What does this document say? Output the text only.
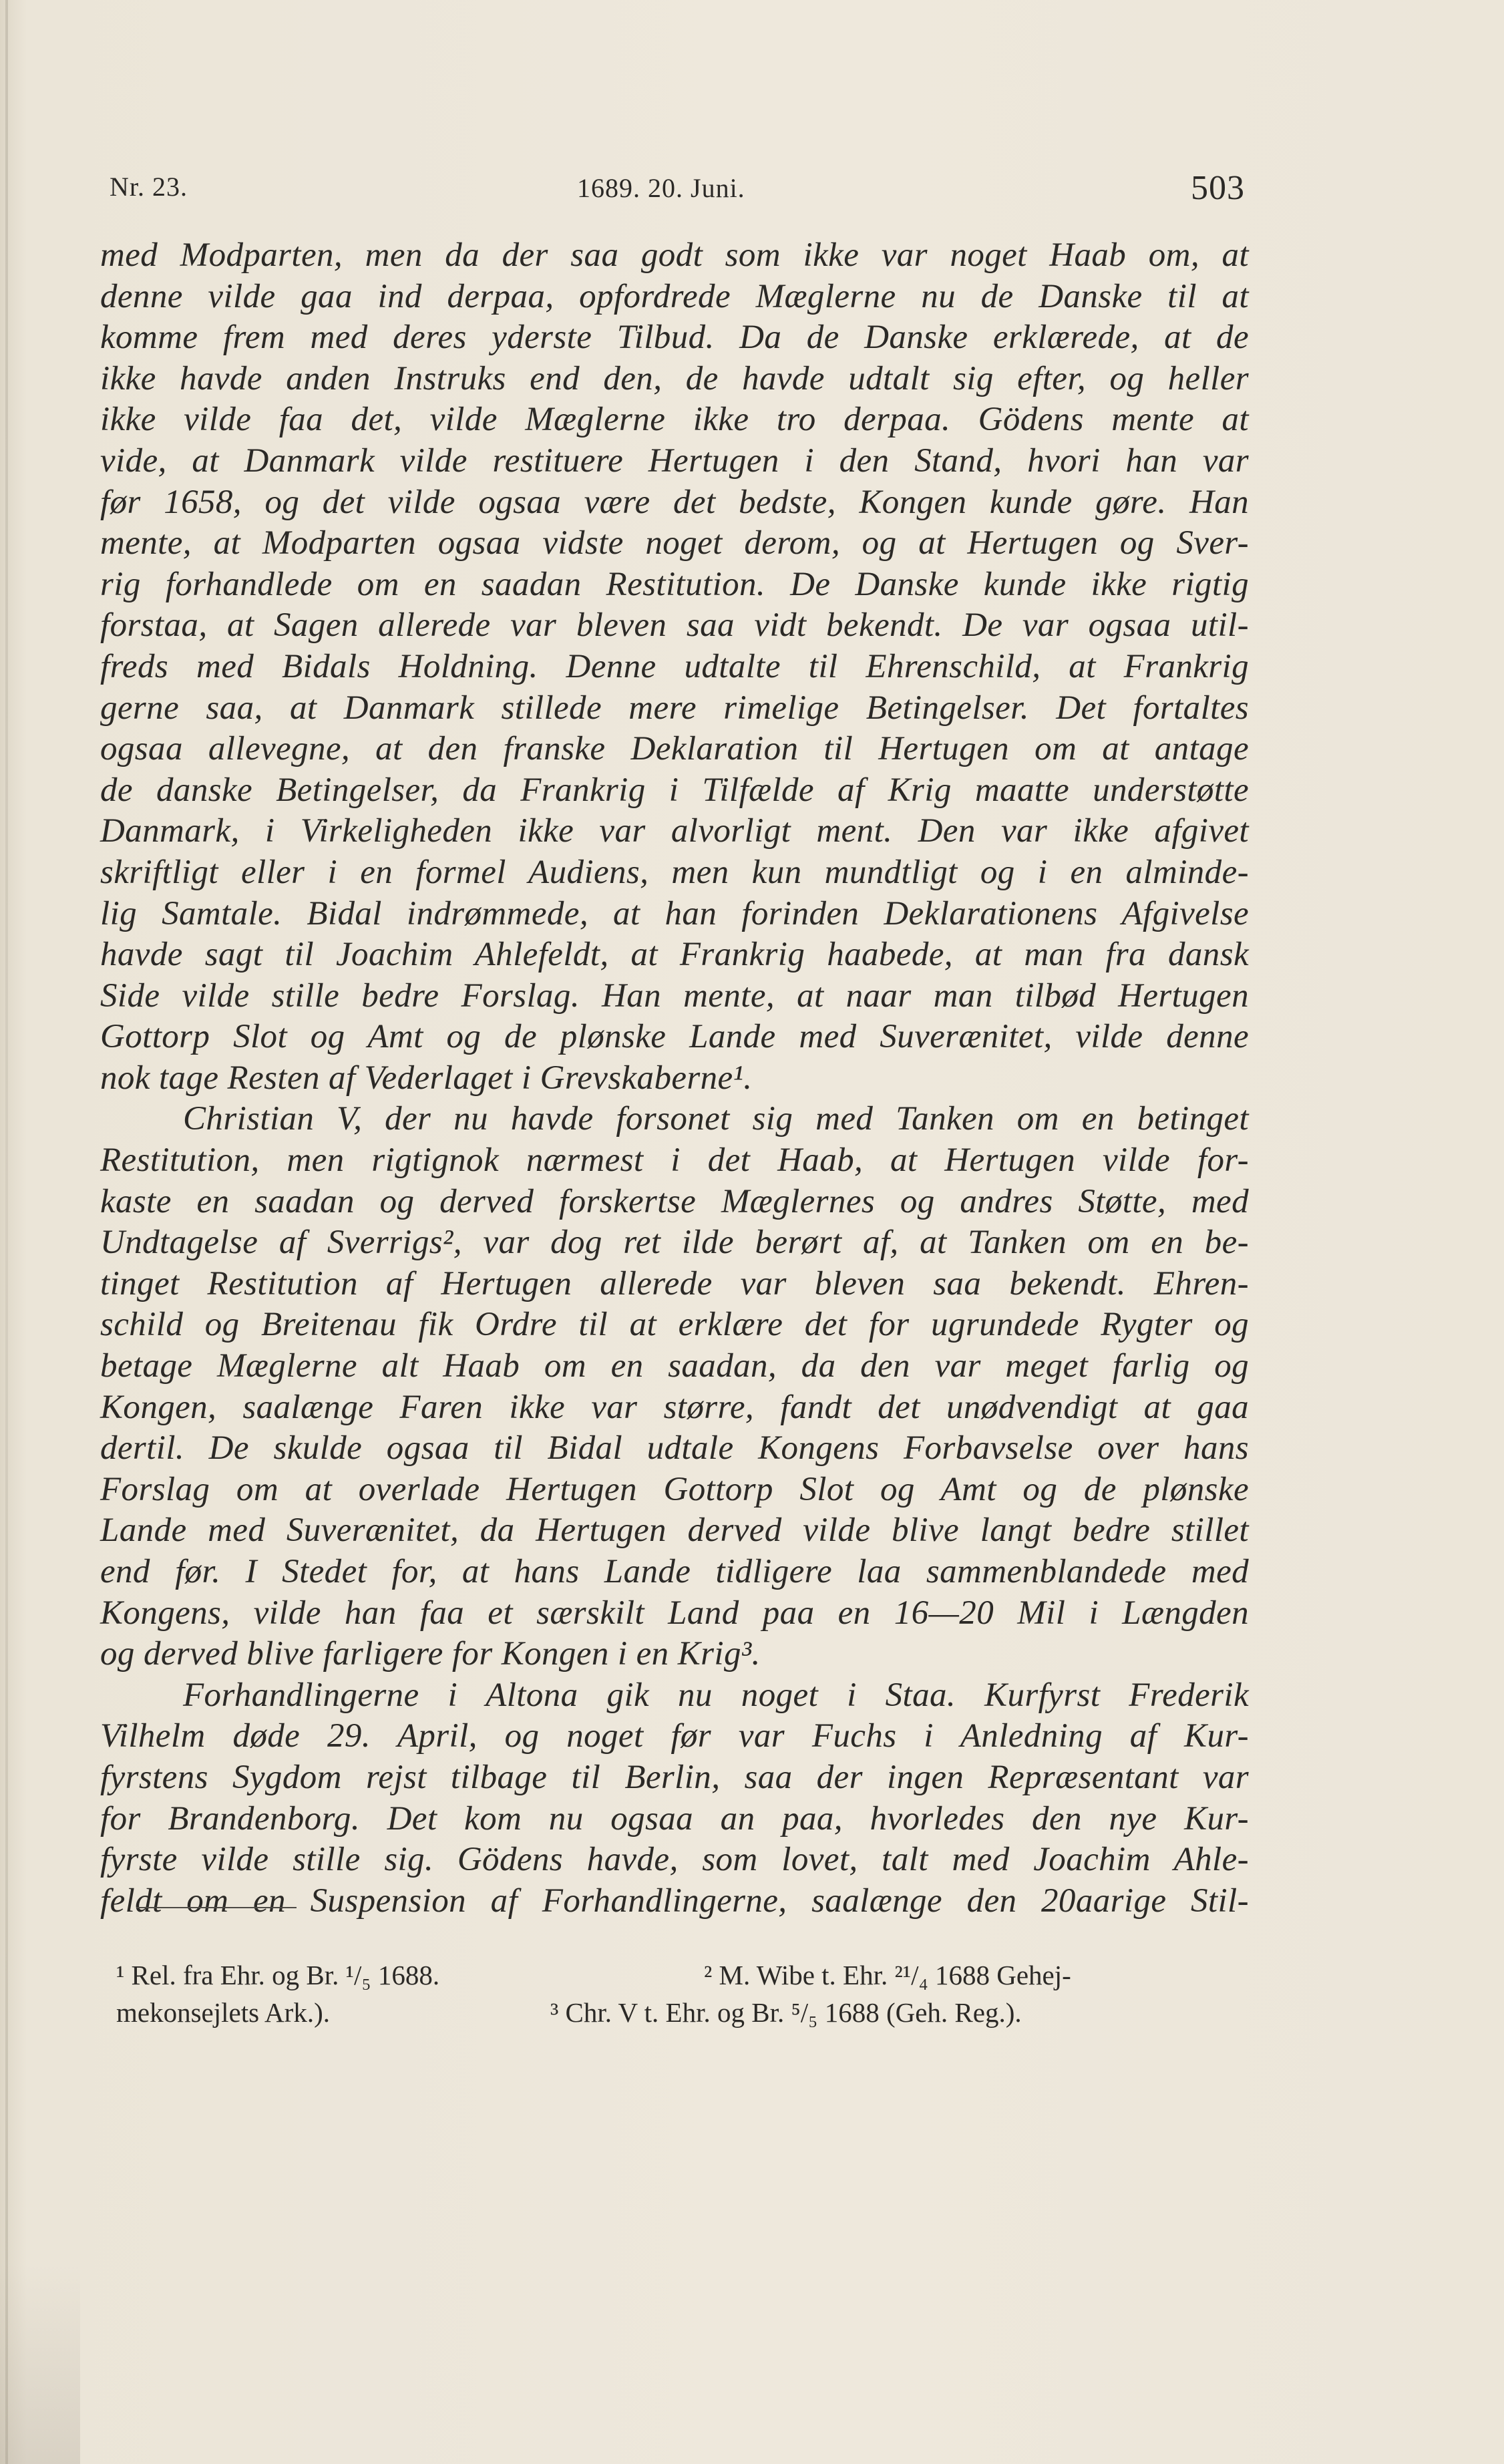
Nr. 23.	1689. 20. Juni.	503
med Modparten, men da der saa godt som ikke var noget Haab om, at
denne vilde gaa ind derpaa, opfordrede Mæglerne nu de Danske til at
komme frem med deres yderste Tilbud. Da de Danske erklærede, at de
ikke havde anden Instruks end den, de havde udtalt sig efter, og heller
ikke vilde faa det, vilde Mæglerne ikke tro derpaa. Gödens mente at
vide, at Danmark vilde restituere Hertugen i den Stand, hvori han var
før 1658, og det vilde ogsaa være det bedste, Kongen kunde gøre. Han
mente, at Modparten ogsaa vidste noget derom, og at Hertugen og Sver-
rig forhandlede om en saadan Restitution. De Danske kunde ikke rigtig
forstaa, at Sagen allerede var bleven saa vidt bekendt. De var ogsaa util-
freds med Bidals Holdning. Denne udtalte til Ehrenschild, at Frankrig
gerne saa, at Danmark stillede mere rimelige Betingelser. Det fortaltes
ogsaa allevegne, at den franske Deklaration til Hertugen om at antage
de danske Betingelser, da Frankrig i Tilfælde af Krig maatte understøtte
Danmark, i Virkeligheden ikke var alvorligt ment. Den var ikke afgivet
skriftligt eller i en formel Audiens, men kun mundtligt og i en alminde-
lig Samtale. Bidal indrømmede, at han forinden Deklarationens Afgivelse
havde sagt til Joachim Ahlefeldt, at Frankrig haabede, at man fra dansk
Side vilde stille bedre Forslag. Han mente, at naar man tilbød Hertugen
Gottorp Slot og Amt og de plønske Lande med Suverænitet, vilde denne
nok tage Resten af Vederlaget i Grevskaberne¹.
Christian V, der nu havde forsonet sig med Tanken om en betinget
Restitution, men rigtignok nærmest i det Haab, at Hertugen vilde for-
kaste en saadan og derved forskertse Mæglernes og andres Støtte, med
Undtagelse af Sverrigs², var dog ret ilde berørt af, at Tanken om en be-
tinget Restitution af Hertugen allerede var bleven saa bekendt. Ehren-
schild og Breitenau fik Ordre til at erklære det for ugrundede Rygter og
betage Mæglerne alt Haab om en saadan, da den var meget farlig og
Kongen, saalænge Faren ikke var større, fandt det unødvendigt at gaa
dertil. De skulde ogsaa til Bidal udtale Kongens Forbavselse over hans
Forslag om at overlade Hertugen Gottorp Slot og Amt og de plønske
Lande med Suverænitet, da Hertugen derved vilde blive langt bedre stillet
end før. I Stedet for, at hans Lande tidligere laa sammenblandede med
Kongens, vilde han faa et særskilt Land paa en 16—20 Mil i Længden
og derved blive farligere for Kongen i en Krig³.
Forhandlingerne i Altona gik nu noget i Staa. Kurfyrst Frederik
Vilhelm døde 29. April, og noget før var Fuchs i Anledning af Kur-
fyrstens Sygdom rejst tilbage til Berlin, saa der ingen Repræsentant var
for Brandenborg. Det kom nu ogsaa an paa, hvorledes den nye Kur-
fyrste vilde stille sig. Gödens havde, som lovet, talt med Joachim Ahle-
feldt om en Suspension af Forhandlingerne, saalænge den 20aarige Stil-
¹ Rel. fra Ehr. og Br. ¹/₅ 1688.	² M. Wibe t. Ehr. ²¹/₄ 1688 Gehej-
mekonsejlets Ark.).	³ Chr. V t. Ehr. og Br. ⁵/₅ 1688 (Geh. Reg.).
